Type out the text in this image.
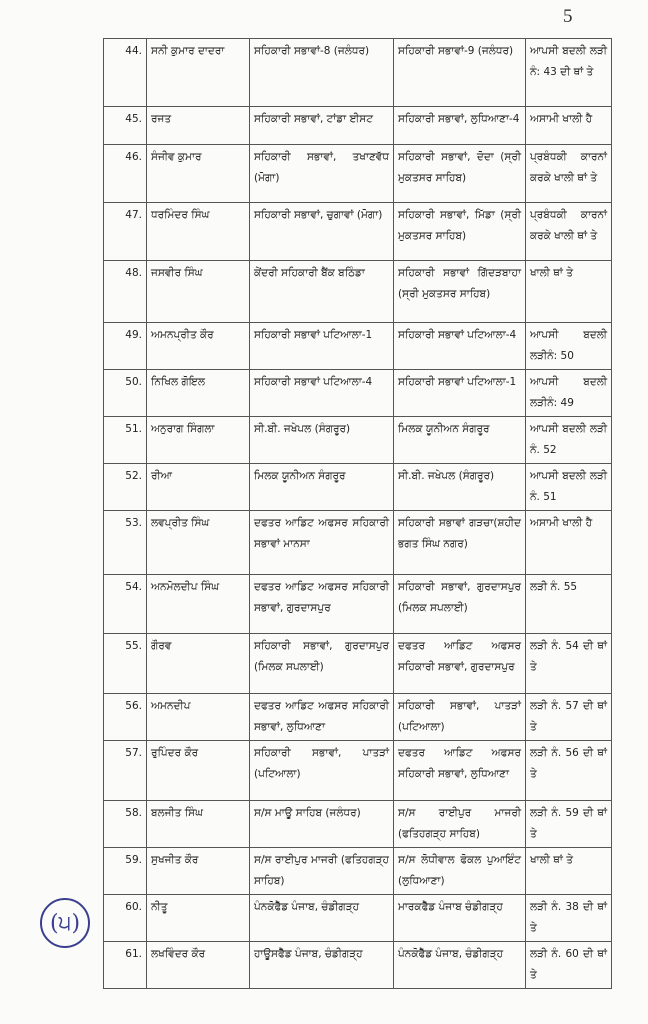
5
(੫)
44.	ਸਨੀ ਕੁਮਾਰ ਦਾਦਰਾ	ਸਹਿਕਾਰੀ ਸਭਾਵਾਂ-8 (ਜਲੰਧਰ)	ਸਹਿਕਾਰੀ ਸਭਾਵਾਂ-9 (ਜਲੰਧਰ)	ਆਪਸੀ ਬਦਲੀ ਲੜੀ ਨੰ: 43 ਦੀ ਥਾਂ ਤੇ
45.	ਰਜਤ	ਸਹਿਕਾਰੀ ਸਭਾਵਾਂ, ਟਾਂਡਾ ਈਸਟ	ਸਹਿਕਾਰੀ ਸਭਾਵਾਂ, ਲੁਧਿਆਣਾ-4	ਅਸਾਮੀ ਖਾਲੀ ਹੈ
46.	ਸੰਜੀਵ ਕੁਮਾਰ	ਸਹਿਕਾਰੀ ਸਭਾਵਾਂ, ਤਖਾਣਵੱਧ (ਮੋਗਾ)	ਸਹਿਕਾਰੀ ਸਭਾਵਾਂ, ਦੋਦਾ (ਸ੍ਰੀ ਮੁਕਤਸਰ ਸਾਹਿਬ)	ਪ੍ਰਬੰਧਕੀ ਕਾਰਨਾਂ ਕਰਕੇ ਖਾਲੀ ਥਾਂ ਤੇ
47.	ਧਰਮਿੰਦਰ ਸਿੰਘ	ਸਹਿਕਾਰੀ ਸਭਾਵਾਂ, ਚੁਗਾਵਾਂ (ਮੋਗਾ)	ਸਹਿਕਾਰੀ ਸਭਾਵਾਂ, ਮਿੱਡਾ (ਸ੍ਰੀ ਮੁਕਤਸਰ ਸਾਹਿਬ)	ਪ੍ਰਬੰਧਕੀ ਕਾਰਨਾਂ ਕਰਕੇ ਖਾਲੀ ਥਾਂ ਤੇ
48.	ਜਸਵੀਰ ਸਿੰਘ	ਕੇਂਦਰੀ ਸਹਿਕਾਰੀ ਬੈਂਕ ਬਠਿੰਡਾ	ਸਹਿਕਾਰੀ ਸਭਾਵਾਂ ਗਿੱਦੜਬਾਹਾ (ਸ੍ਰੀ ਮੁਕਤਸਰ ਸਾਹਿਬ)	ਖਾਲੀ ਥਾਂ ਤੇ
49.	ਅਮਨਪ੍ਰੀਤ ਕੌਰ	ਸਹਿਕਾਰੀ ਸਭਾਵਾਂ ਪਟਿਆਲਾ-1	ਸਹਿਕਾਰੀ ਸਭਾਵਾਂ ਪਟਿਆਲਾ-4	ਆਪਸੀ ਬਦਲੀ ਲੜੀਨੰ: 50
50.	ਨਿਖਿਲ ਗੋਇਲ	ਸਹਿਕਾਰੀ ਸਭਾਵਾਂ ਪਟਿਆਲਾ-4	ਸਹਿਕਾਰੀ ਸਭਾਵਾਂ ਪਟਿਆਲਾ-1	ਆਪਸੀ ਬਦਲੀ ਲੜੀਨੰ: 49
51.	ਅਨੁਰਾਗ ਸਿੰਗਲਾ	ਸੀ.ਬੀ. ਜਖੇਪਲ (ਸੰਗਰੂਰ)	ਮਿਲਕ ਯੂਨੀਅਨ ਸੰਗਰੂਰ	ਆਪਸੀ ਬਦਲੀ ਲੜੀ ਨੰ. 52
52.	ਰੀਆ	ਮਿਲਕ ਯੂਨੀਅਨ ਸੰਗਰੂਰ	ਸੀ.ਬੀ. ਜਖੇਪਲ (ਸੰਗਰੂਰ)	ਆਪਸੀ ਬਦਲੀ ਲੜੀ ਨੰ. 51
53.	ਲਵਪ੍ਰੀਤ ਸਿੰਘ	ਦਫਤਰ ਆਡਿਟ ਅਫਸਰ ਸਹਿਕਾਰੀ ਸਭਾਵਾਂ ਮਾਨਸਾ	ਸਹਿਕਾਰੀ ਸਭਾਵਾਂ ਗੜਚਾ(ਸ਼ਹੀਦ ਭਗਤ ਸਿੰਘ ਨਗਰ)	ਅਸਾਮੀ ਖਾਲੀ ਹੈ
54.	ਅਨਮੋਲਦੀਪ ਸਿੰਘ	ਦਫਤਰ ਆਡਿਟ ਅਫਸਰ ਸਹਿਕਾਰੀ ਸਭਾਵਾਂ, ਗੁਰਦਾਸਪੁਰ	ਸਹਿਕਾਰੀ ਸਭਾਵਾਂ, ਗੁਰਦਾਸਪੁਰ (ਮਿਲਕ ਸਪਲਾਈ)	ਲੜੀ ਨੰ. 55
55.	ਗੌਰਵ	ਸਹਿਕਾਰੀ ਸਭਾਵਾਂ, ਗੁਰਦਾਸਪੁਰ (ਮਿਲਕ ਸਪਲਾਈ)	ਦਫਤਰ ਆਡਿਟ ਅਫਸਰ ਸਹਿਕਾਰੀ ਸਭਾਵਾਂ, ਗੁਰਦਾਸਪੁਰ	ਲੜੀ ਨੰ. 54 ਦੀ ਥਾਂ ਤੇ
56.	ਅਮਨਦੀਪ	ਦਫਤਰ ਆਡਿਟ ਅਫਸਰ ਸਹਿਕਾਰੀ ਸਭਾਵਾਂ, ਲੁਧਿਆਣਾ	ਸਹਿਕਾਰੀ ਸਭਾਵਾਂ, ਪਾਤੜਾਂ (ਪਟਿਆਲਾ)	ਲੜੀ ਨੰ. 57 ਦੀ ਥਾਂ ਤੇ
57.	ਰੁਪਿੰਦਰ ਕੌਰ	ਸਹਿਕਾਰੀ ਸਭਾਵਾਂ, ਪਾਤੜਾਂ (ਪਟਿਆਲਾ)	ਦਫਤਰ ਆਡਿਟ ਅਫਸਰ ਸਹਿਕਾਰੀ ਸਭਾਵਾਂ, ਲੁਧਿਆਣਾ	ਲੜੀ ਨੰ. 56 ਦੀ ਥਾਂ ਤੇ
58.	ਬਲਜੀਤ ਸਿੰਘ	ਸ/ਸ ਮਾਊ ਸਾਹਿਬ (ਜਲੰਧਰ)	ਸ/ਸ ਰਾਈਪੁਰ ਮਾਜਰੀ (ਫਤਿਹਗੜ੍ਹ ਸਾਹਿਬ)	ਲੜੀ ਨੰ. 59 ਦੀ ਥਾਂ ਤੇ
59.	ਸੁਖਜੀਤ ਕੌਰ	ਸ/ਸ ਰਾਈਪੁਰ ਮਾਜਰੀ (ਫਤਿਹਗੜ੍ਹ ਸਾਹਿਬ)	ਸ/ਸ ਲੋਧੀਵਾਲ ਫੋਕਲ ਪੁਆਇੰਟ (ਲੁਧਿਆਣਾ)	ਖਾਲੀ ਥਾਂ ਤੇ
60.	ਨੀਤੂ	ਪੰਨਕੋਫੈੱਡ ਪੰਜਾਬ, ਚੰਡੀਗੜ੍ਹ	ਮਾਰਕਫੈੱਡ ਪੰਜਾਬ ਚੰਡੀਗੜ੍ਹ	ਲੜੀ ਨੰ. 38 ਦੀ ਥਾਂ ਤੇ
61.	ਲਖਵਿੰਦਰ ਕੌਰ	ਹਾਊਸਫੈੱਡ ਪੰਜਾਬ, ਚੰਡੀਗੜ੍ਹ	ਪੰਨਕੋਫੈੱਡ ਪੰਜਾਬ, ਚੰਡੀਗੜ੍ਹ	ਲੜੀ ਨੰ. 60 ਦੀ ਥਾਂ ਤੇ
